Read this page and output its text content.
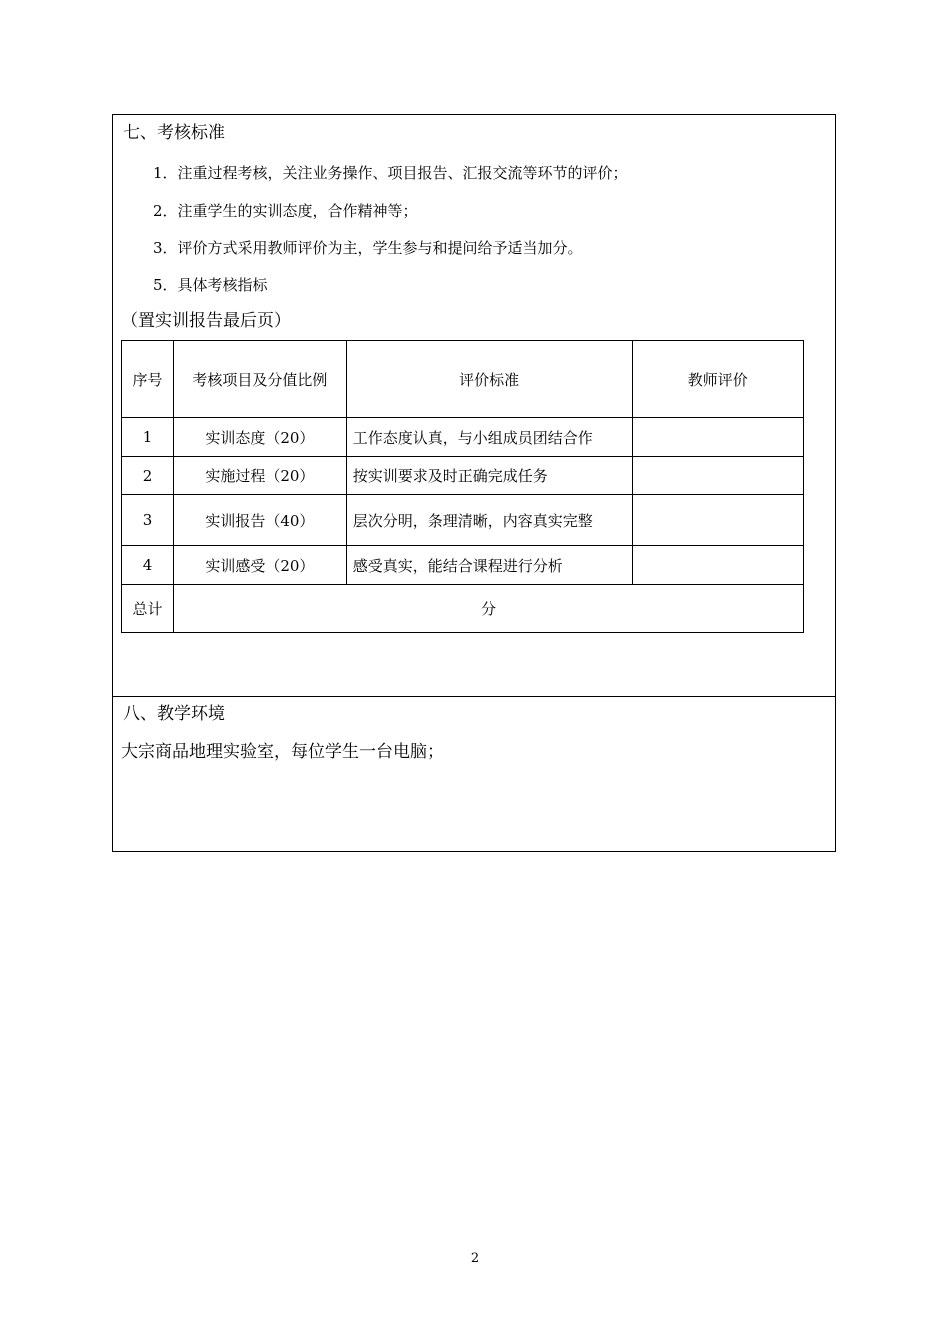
七、考核标准
1．注重过程考核，关注业务操作、项目报告、汇报交流等环节的评价；
2．注重学生的实训态度，合作精神等；
3．评价方式采用教师评价为主，学生参与和提问给予适当加分。
5．具体考核指标
（置实训报告最后页）
序号	考核项目及分值比例	评价标准	教师评价
1	实训态度（20）	工作态度认真，与小组成员团结合作	
2	实施过程（20）	按实训要求及时正确完成任务	
3	实训报告（40）	层次分明，条理清晰，内容真实完整	
4	实训感受（20）	感受真实，能结合课程进行分析	
总计	分		
八、教学环境
大宗商品地理实验室，每位学生一台电脑；
2
